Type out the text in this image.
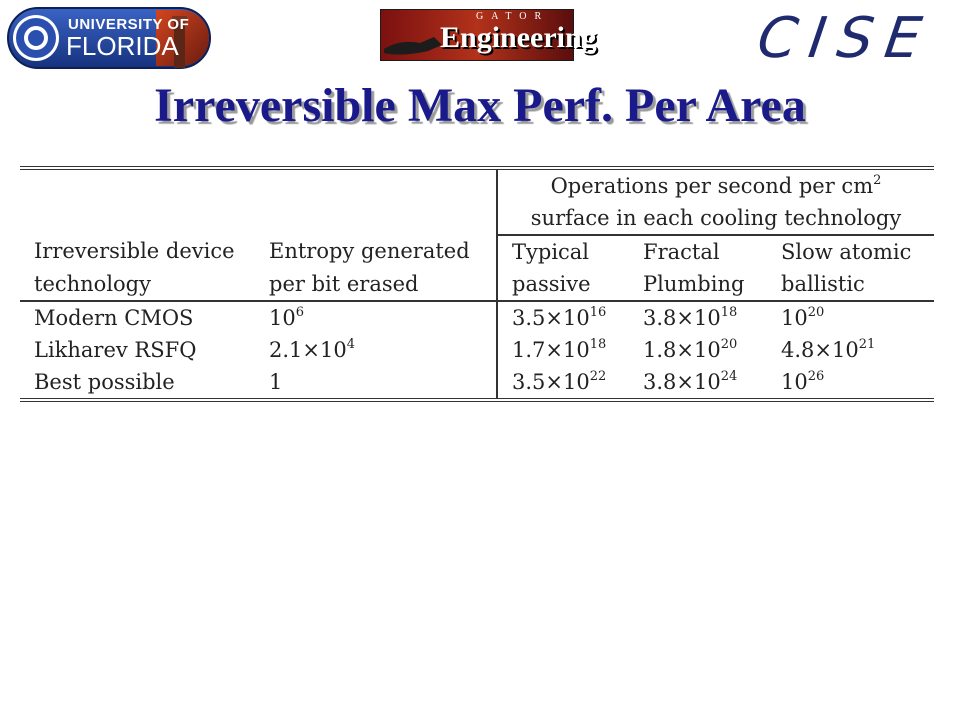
UNIVERSITY OF
FLORIDA
GATOR
Engineering	CISE
Irreversible Max Perf. Per Area
		Operations per second per $cm^2$
		surface in each cooling technology		
Irreversible device	Entropy generated	Typical	Fractal	Slow atomic
technology	per bit erased	passive	Plumbing	ballistic
Modern CMOS	$10^6$	$3.5\times 10^{16}$	$3.8\times 10^{18}$	$10^{20}$
Likharev RSFQ	$2.1\times 10^4$	$1.7\times 10^{18}$	$1.8\times 10^{20}$	$4.8\times 10^{21}$
Best possible	1	$3.5\times 10^{22}$	$3.8\times 10^{24}$	$10^{26}$
